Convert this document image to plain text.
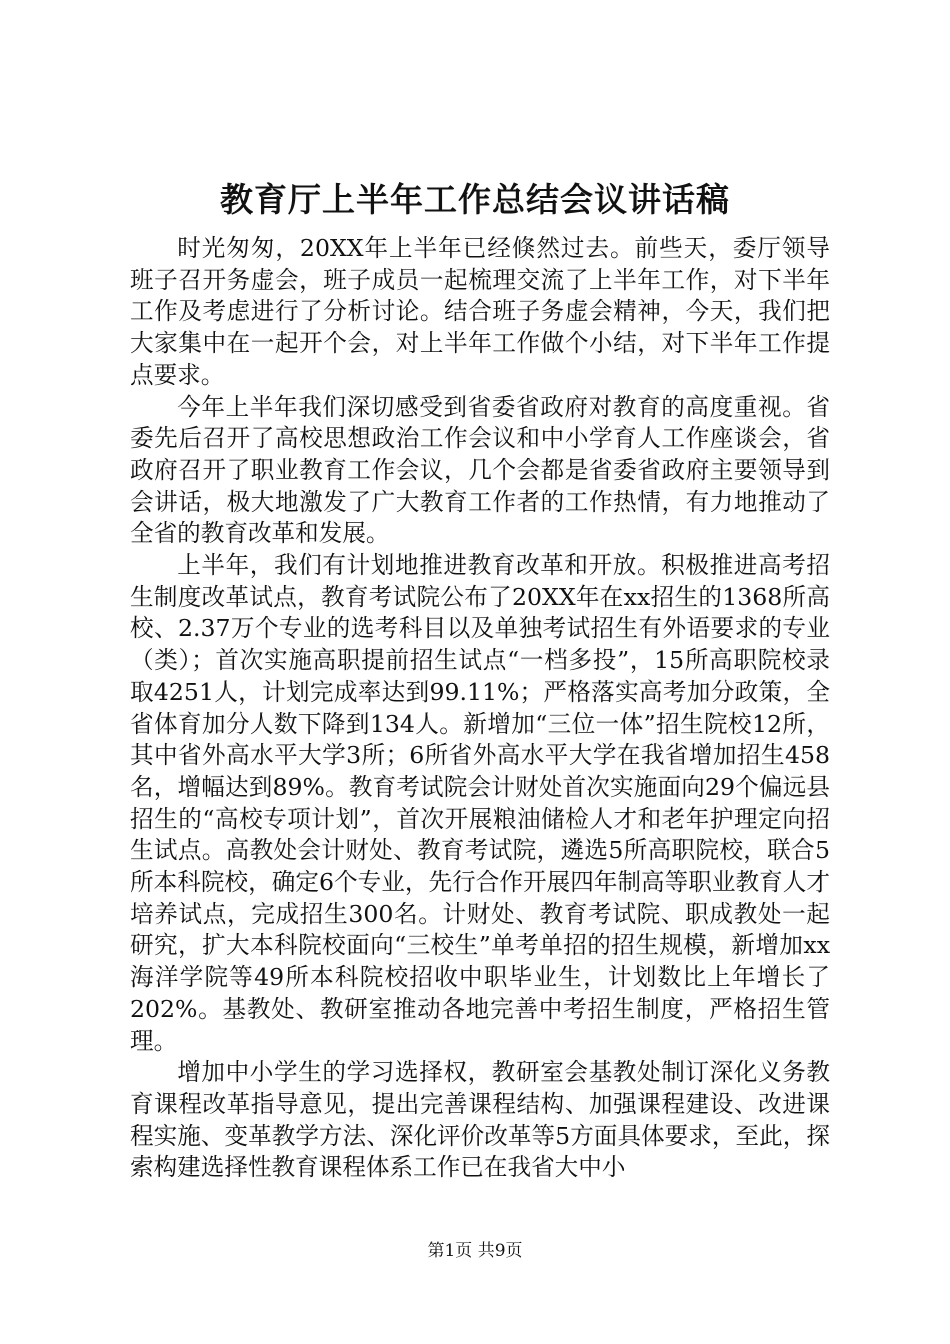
教育厅上半年工作总结会议讲话稿

时光匆匆，20XX年上半年已经倏然过去。前些天，委厅领导班子召开务虚会，班子成员一起梳理交流了上半年工作，对下半年工作及考虑进行了分析讨论。结合班子务虚会精神，今天，我们把大家集中在一起开个会，对上半年工作做个小结，对下半年工作提点要求。

今年上半年我们深切感受到省委省政府对教育的高度重视。省委先后召开了高校思想政治工作会议和中小学育人工作座谈会，省政府召开了职业教育工作会议，几个会都是省委省政府主要领导到会讲话，极大地激发了广大教育工作者的工作热情，有力地推动了全省的教育改革和发展。

上半年，我们有计划地推进教育改革和开放。积极推进高考招生制度改革试点，教育考试院公布了20XX年在xx招生的1368所高校、2.37万个专业的选考科目以及单独考试招生有外语要求的专业（类）；首次实施高职提前招生试点“一档多投”，15所高职院校录取4251人，计划完成率达到99.11%；严格落实高考加分政策，全省体育加分人数下降到134人。新增加“三位一体”招生院校12所，其中省外高水平大学3所；6所省外高水平大学在我省增加招生458名，增幅达到89%。教育考试院会计财处首次实施面向29个偏远县招生的“高校专项计划”，首次开展粮油储检人才和老年护理定向招生试点。高教处会计财处、教育考试院，遴选5所高职院校，联合5所本科院校，确定6个专业，先行合作开展四年制高等职业教育人才培养试点，完成招生300名。计财处、教育考试院、职成教处一起研究，扩大本科院校面向“三校生”单考单招的招生规模，新增加xx海洋学院等49所本科院校招收中职毕业生，计划数比上年增长了202%。基教处、教研室推动各地完善中考招生制度，严格招生管理。

增加中小学生的学习选择权，教研室会基教处制订深化义务教育课程改革指导意见，提出完善课程结构、加强课程建设、改进课程实施、变革教学方法、深化评价改革等5方面具体要求，至此，探索构建选择性教育课程体系工作已在我省大中小

第1页 共9页
